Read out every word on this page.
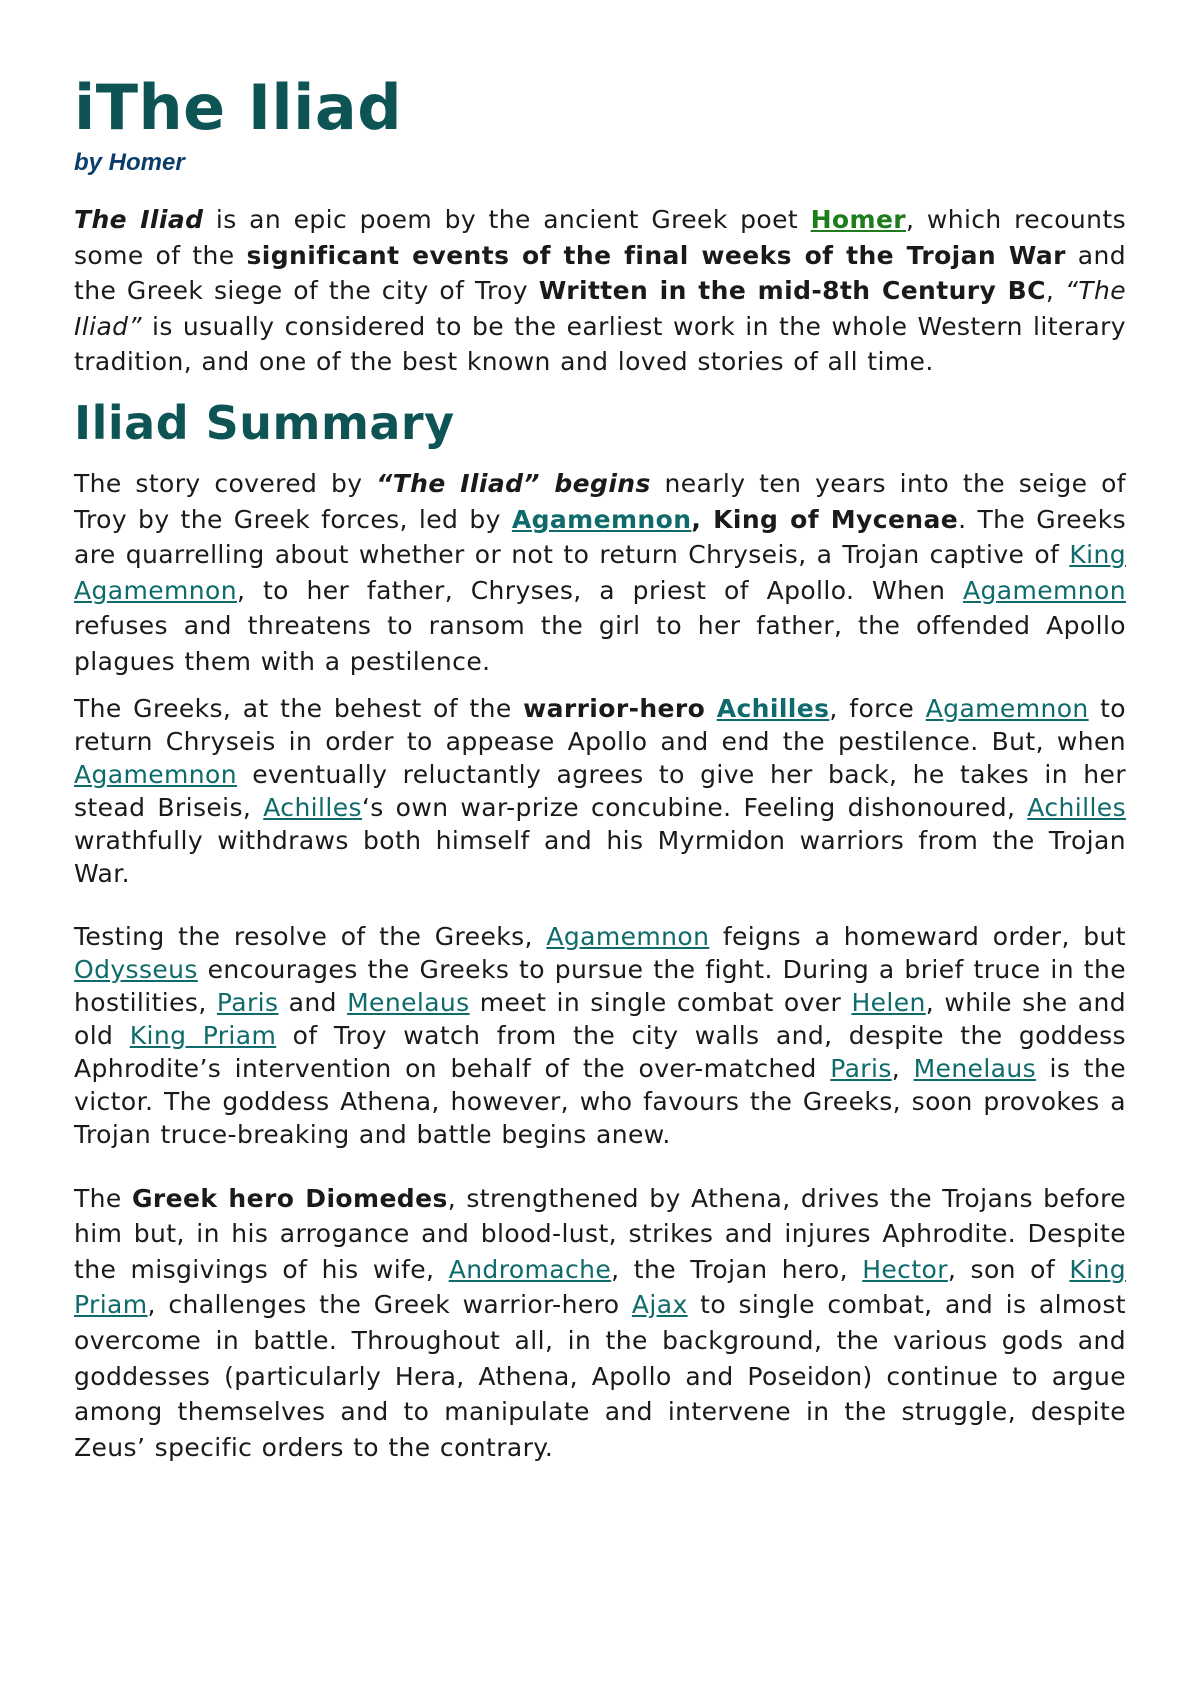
iThe Iliad
by Homer

The Iliad is an epic poem by the ancient Greek poet Homer, which recounts some of the significant events of the final weeks of the Trojan War and the Greek siege of the city of Troy Written in the mid-8th Century BC, “The Iliad” is usually considered to be the earliest work in the whole Western literary tradition, and one of the best known and loved stories of all time.

Iliad Summary

The story covered by “The Iliad” begins nearly ten years into the seige of Troy by the Greek forces, led by Agamemnon, King of Mycenae. The Greeks are quarrelling about whether or not to return Chryseis, a Trojan captive of King Agamemnon, to her father, Chryses, a priest of Apollo. When Agamemnon refuses and threatens to ransom the girl to her father, the offended Apollo plagues them with a pestilence.

The Greeks, at the behest of the warrior-hero Achilles, force Agamemnon to return Chryseis in order to appease Apollo and end the pestilence. But, when Agamemnon eventually reluctantly agrees to give her back, he takes in her stead Briseis, Achilles‘s own war-prize concubine. Feeling dishonoured, Achilles wrathfully withdraws both himself and his Myrmidon warriors from the Trojan War.

Testing the resolve of the Greeks, Agamemnon feigns a homeward order, but Odysseus encourages the Greeks to pursue the fight. During a brief truce in the hostilities, Paris and Menelaus meet in single combat over Helen, while she and old King Priam of Troy watch from the city walls and, despite the goddess Aphrodite’s intervention on behalf of the over-matched Paris, Menelaus is the victor. The goddess Athena, however, who favours the Greeks, soon provokes a Trojan truce-breaking and battle begins anew.

The Greek hero Diomedes, strengthened by Athena, drives the Trojans before him but, in his arrogance and blood-lust, strikes and injures Aphrodite. Despite the misgivings of his wife, Andromache, the Trojan hero, Hector, son of King Priam, challenges the Greek warrior-hero Ajax to single combat, and is almost overcome in battle. Throughout all, in the background, the various gods and goddesses (particularly Hera, Athena, Apollo and Poseidon) continue to argue among themselves and to manipulate and intervene in the struggle, despite Zeus’ specific orders to the contrary.
